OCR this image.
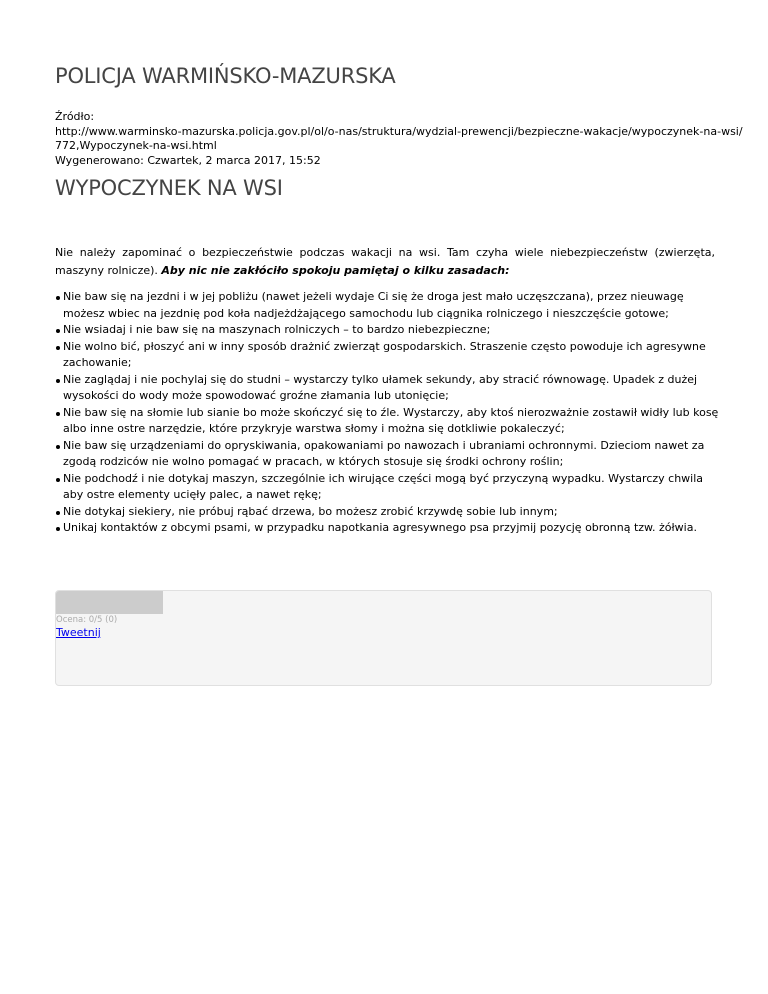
POLICJA WARMIŃSKO-MAZURSKA
Źródło:
http://www.warminsko-mazurska.policja.gov.pl/ol/o-nas/struktura/wydzial-prewencji/bezpieczne-wakacje/wypoczynek-na-wsi/
772,Wypoczynek-na-wsi.html
Wygenerowano: Czwartek, 2 marca 2017, 15:52
WYPOCZYNEK NA WSI

Nie należy zapominać o bezpieczeństwie podczas wakacji na wsi. Tam czyha wiele niebezpieczeństw (zwierzęta, maszyny rolnicze). Aby nic nie zakłóciło spokoju pamiętaj o kilku zasadach:

Nie baw się na jezdni i w jej pobliżu (nawet jeżeli wydaje Ci się że droga jest mało uczęszczana), przez nieuwagę możesz wbiec na jezdnię pod koła nadjeżdżającego samochodu lub ciągnika rolniczego i nieszczęście gotowe;
Nie wsiadaj i nie baw się na maszynach rolniczych – to bardzo niebezpieczne;
Nie wolno bić, płoszyć ani w inny sposób drażnić zwierząt gospodarskich. Straszenie często powoduje ich agresywne zachowanie;
Nie zaglądaj i nie pochylaj się do studni – wystarczy tylko ułamek sekundy, aby stracić równowagę. Upadek z dużej wysokości do wody może spowodować groźne złamania lub utonięcie;
Nie baw się na słomie lub sianie bo może skończyć się to źle. Wystarczy, aby ktoś nierozważnie zostawił widły lub kosę albo inne ostre narzędzie, które przykryje warstwa słomy i można się dotkliwie pokaleczyć;
Nie baw się urządzeniami do opryskiwania, opakowaniami po nawozach i ubraniami ochronnymi. Dzieciom nawet za zgodą rodziców nie wolno pomagać w pracach, w których stosuje się środki ochrony roślin;
Nie podchodź i nie dotykaj maszyn, szczególnie ich wirujące części mogą być przyczyną wypadku. Wystarczy chwila aby ostre elementy ucięły palec, a nawet rękę;
Nie dotykaj siekiery, nie próbuj rąbać drzewa, bo możesz zrobić krzywdę sobie lub innym;
Unikaj kontaktów z obcymi psami, w przypadku napotkania agresywnego psa przyjmij pozycję obronną tzw. żółwia.
Ocena: 0/5 (0)
Tweetnij
